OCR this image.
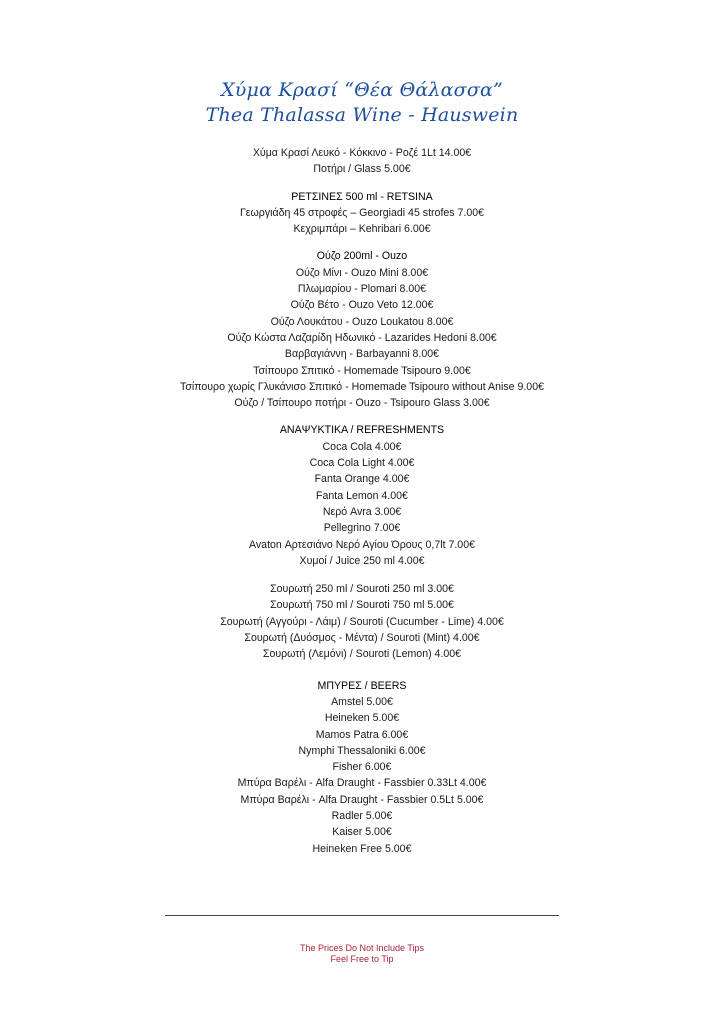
Χύμα Κρασί “Θέα Θάλασσα”
Thea Thalassa Wine - Hauswein
Χύμα Κρασί Λευκό - Κόκκινο - Ροζέ 1Lt 14.00€
Ποτήρι / Glass 5.00€
ΡΕΤΣΙΝΕΣ 500 ml - RETSINA
Γεωργιάδη 45 στροφές – Georgiadi 45 strofes 7.00€
Κεχριμπάρι – Kehribari 6.00€
Ούζο 200ml - Ouzo
Ούζο Μίνι - Ouzo Mini 8.00€
Πλωμαρίου - Plomari 8.00€
Ούζο Βέτο - Ouzo Veto 12.00€
Ούζο Λουκάτου - Ouzo Loukatou 8.00€
Ούζο Κώστα Λαζαρίδη Ηδωνικό - Lazarides Hedoni 8.00€
Βαρβαγιάννη - Barbayanni 8.00€
Τσίπουρο Σπιτικό - Homemade Tsipouro 9.00€
Τσίπουρο χωρίς Γλυκάνισο Σπιτικό - Homemade Tsipouro without Anise 9.00€
Ούζο / Τσίπουρο ποτήρι - Ouzo - Tsipouro Glass 3.00€
ΑΝΑΨΥΚΤΙΚΑ / REFRESHMENTS
Coca Cola 4.00€
Coca Cola Light 4.00€
Fanta Orange 4.00€
Fanta Lemon 4.00€
Νερό Avra 3.00€
Pellegrino 7.00€
Avaton Αρτεσιάνο Νερό Αγίου Όρους 0,7lt 7.00€
Χυμοί / Juice 250 ml 4.00€
Σουρωτή 250 ml / Souroti 250 ml 3.00€
Σουρωτή 750 ml / Souroti 750 ml 5.00€
Σουρωτή (Αγγούρι - Λάιμ) / Souroti (Cucumber - Lime) 4.00€
Σουρωτή (Δυόσμος - Μέντα) / Souroti (Mint) 4.00€
Σουρωτή (Λεμόνι) / Souroti (Lemon) 4.00€
ΜΠΥΡΕΣ / BEERS
Amstel 5.00€
Heineken 5.00€
Mamos Patra 6.00€
Nymphi Thessaloniki 6.00€
Fisher 6.00€
Μπύρα Βαρέλι - Alfa Draught - Fassbier 0.33Lt 4.00€
Μπύρα Βαρέλι - Alfa Draught - Fassbier 0.5Lt 5.00€
Radler 5.00€
Kaiser 5.00€
Heineken Free 5.00€
The Prices Do Not Include Tips
Feel Free to Tip
